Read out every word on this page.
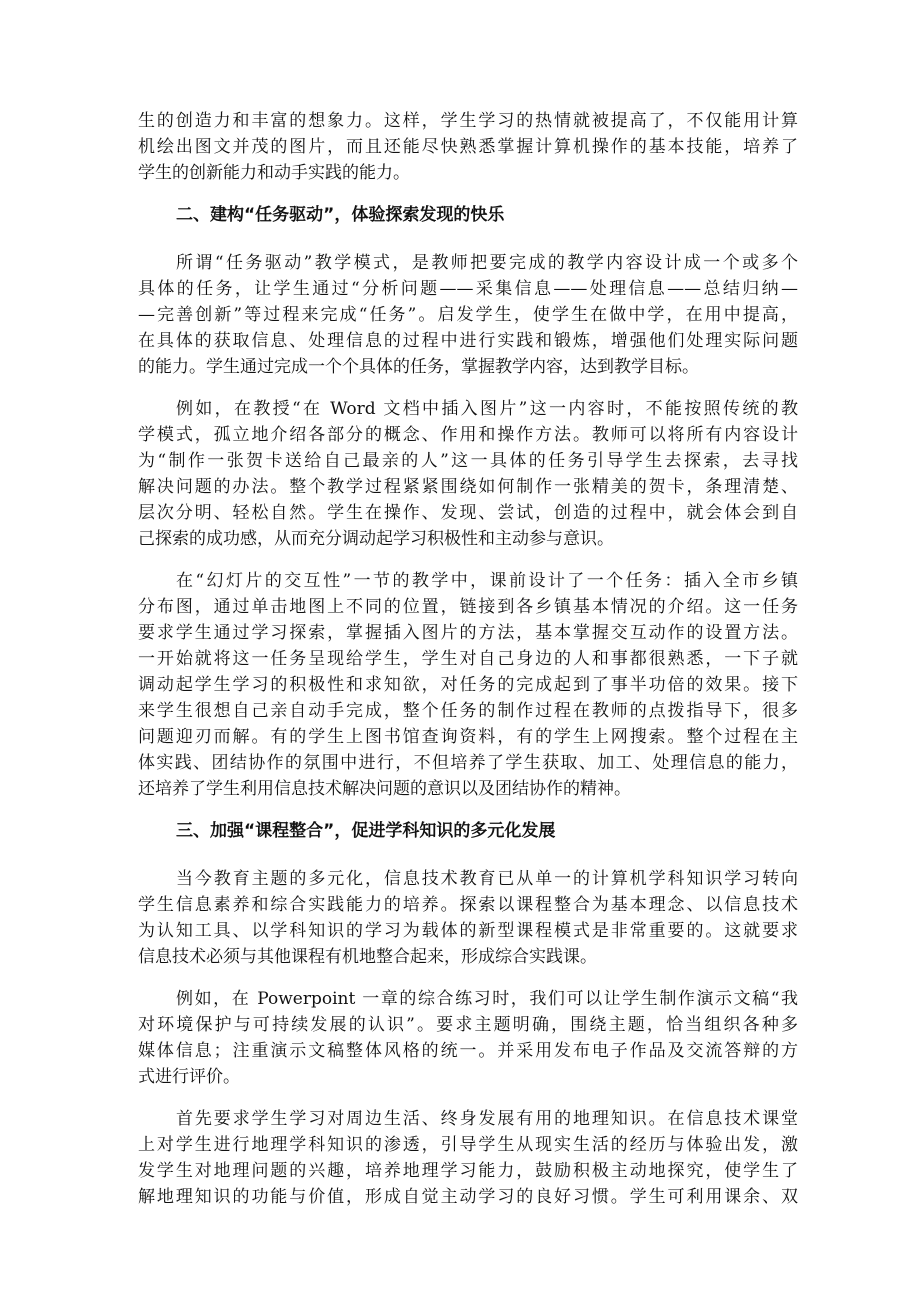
生的创造力和丰富的想象力。这样，学生学习的热情就被提高了，不仅能用计算
机绘出图文并茂的图片，而且还能尽快熟悉掌握计算机操作的基本技能，培养了
学生的创新能力和动手实践的能力。
二、建构“任务驱动”，体验探索发现的快乐
所谓“任务驱动”教学模式，是教师把要完成的教学内容设计成一个或多个
具体的任务，让学生通过“分析问题——采集信息——处理信息——总结归纳—
—完善创新”等过程来完成“任务”。启发学生，使学生在做中学，在用中提高，
在具体的获取信息、处理信息的过程中进行实践和锻炼，增强他们处理实际问题
的能力。学生通过完成一个个具体的任务，掌握教学内容，达到教学目标。
例如，在教授“在 Word 文档中插入图片”这一内容时，不能按照传统的教
学模式，孤立地介绍各部分的概念、作用和操作方法。教师可以将所有内容设计
为“制作一张贺卡送给自己最亲的人”这一具体的任务引导学生去探索，去寻找
解决问题的办法。整个教学过程紧紧围绕如何制作一张精美的贺卡，条理清楚、
层次分明、轻松自然。学生在操作、发现、尝试，创造的过程中，就会体会到自
己探索的成功感，从而充分调动起学习积极性和主动参与意识。
在“幻灯片的交互性”一节的教学中，课前设计了一个任务：插入全市乡镇
分布图，通过单击地图上不同的位置，链接到各乡镇基本情况的介绍。这一任务
要求学生通过学习探索，掌握插入图片的方法，基本掌握交互动作的设置方法。
一开始就将这一任务呈现给学生，学生对自己身边的人和事都很熟悉，一下子就
调动起学生学习的积极性和求知欲，对任务的完成起到了事半功倍的效果。接下
来学生很想自己亲自动手完成，整个任务的制作过程在教师的点拨指导下，很多
问题迎刃而解。有的学生上图书馆查询资料，有的学生上网搜索。整个过程在主
体实践、团结协作的氛围中进行，不但培养了学生获取、加工、处理信息的能力，
还培养了学生利用信息技术解决问题的意识以及团结协作的精神。
三、加强“课程整合”，促进学科知识的多元化发展
当今教育主题的多元化，信息技术教育已从单一的计算机学科知识学习转向
学生信息素养和综合实践能力的培养。探索以课程整合为基本理念、以信息技术
为认知工具、以学科知识的学习为载体的新型课程模式是非常重要的。这就要求
信息技术必须与其他课程有机地整合起来，形成综合实践课。
例如，在 Powerpoint 一章的综合练习时，我们可以让学生制作演示文稿“我
对环境保护与可持续发展的认识”。要求主题明确，围绕主题，恰当组织各种多
媒体信息；注重演示文稿整体风格的统一。并采用发布电子作品及交流答辩的方
式进行评价。
首先要求学生学习对周边生活、终身发展有用的地理知识。在信息技术课堂
上对学生进行地理学科知识的渗透，引导学生从现实生活的经历与体验出发，激
发学生对地理问题的兴趣，培养地理学习能力，鼓励积极主动地探究，使学生了
解地理知识的功能与价值，形成自觉主动学习的良好习惯。学生可利用课余、双
